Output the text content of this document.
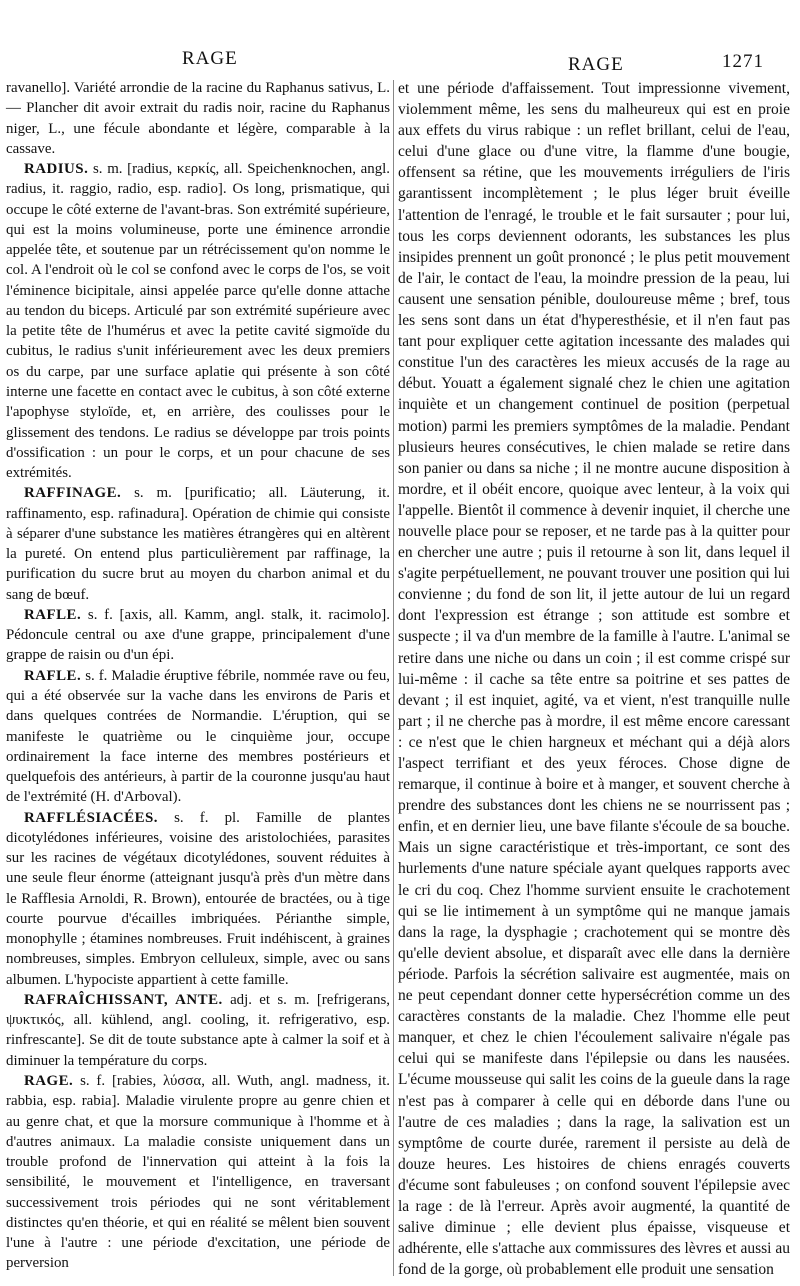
RAGE	RAGE	1271

ravanello]. Variété arrondie de la racine du Raphanus sativus, L. — Plancher dit avoir extrait du radis noir, racine du Raphanus niger, L., une fécule abondante et légère, comparable à la cassave.

RADIUS. s. m. [radius, κερκίς, all. Speichenknochen, angl. radius, it. raggio, radio, esp. radio]. Os long, prismatique, qui occupe le côté externe de l'avant-bras. Son extrémité supérieure, qui est la moins volumineuse, porte une éminence arrondie appelée tête, et soutenue par un rétrécissement qu'on nomme le col. A l'endroit où le col se confond avec le corps de l'os, se voit l'éminence bicipitale, ainsi appelée parce qu'elle donne attache au tendon du biceps. Articulé par son extrémité supérieure avec la petite tête de l'humérus et avec la petite cavité sigmoïde du cubitus, le radius s'unit inférieurement avec les deux premiers os du carpe, par une surface aplatie qui présente à son côté interne une facette en contact avec le cubitus, à son côté externe l'apophyse styloïde, et, en arrière, des coulisses pour le glissement des tendons. Le radius se développe par trois points d'ossification : un pour le corps, et un pour chacune de ses extrémités.

RAFFINAGE. s. m. [purificatio; all. Läuterung, it. raffinamento, esp. rafinadura]. Opération de chimie qui consiste à séparer d'une substance les matières étrangères qui en altèrent la pureté. On entend plus particulièrement par raffinage, la purification du sucre brut au moyen du charbon animal et du sang de bœuf.

RAFLE. s. f. [axis, all. Kamm, angl. stalk, it. racimolo]. Pédoncule central ou axe d'une grappe, principalement d'une grappe de raisin ou d'un épi.

RAFLE. s. f. Maladie éruptive fébrile, nommée rave ou feu, qui a été observée sur la vache dans les environs de Paris et dans quelques contrées de Normandie. L'éruption, qui se manifeste le quatrième ou le cinquième jour, occupe ordinairement la face interne des membres postérieurs et quelquefois des antérieurs, à partir de la couronne jusqu'au haut de l'extrémité (H. d'Arboval).

RAFFLÉSIACÉES. s. f. pl. Famille de plantes dicotylédones inférieures, voisine des aristolochiées, parasites sur les racines de végétaux dicotylédones, souvent réduites à une seule fleur énorme (atteignant jusqu'à près d'un mètre dans le Rafflesia Arnoldi, R. Brown), entourée de bractées, ou à tige courte pourvue d'écailles imbriquées. Périanthe simple, monophylle ; étamines nombreuses. Fruit indéhiscent, à graines nombreuses, simples. Embryon celluleux, simple, avec ou sans albumen. L'hypociste appartient à cette famille.

RAFRAÎCHISSANT, ANTE. adj. et s. m. [refrigerans, ψυκτικός, all. kühlend, angl. cooling, it. refrigerativo, esp. rinfrescante]. Se dit de toute substance apte à calmer la soif et à diminuer la température du corps.

RAGE. s. f. [rabies, λύσσα, all. Wuth, angl. madness, it. rabbia, esp. rabia]. Maladie virulente propre au genre chien et au genre chat, et que la morsure communique à l'homme et à d'autres animaux. La maladie consiste uniquement dans un trouble profond de l'innervation qui atteint à la fois la sensibilité, le mouvement et l'intelligence, en traversant successivement trois périodes qui ne sont véritablement distinctes qu'en théorie, et qui en réalité se mêlent bien souvent l'une à l'autre : une période d'excitation, une période de perversion

et une période d'affaissement. Tout impressionne vivement, violemment même, les sens du malheureux qui est en proie aux effets du virus rabique : un reflet brillant, celui de l'eau, celui d'une glace ou d'une vitre, la flamme d'une bougie, offensent sa rétine, que les mouvements irréguliers de l'iris garantissent incomplètement ; le plus léger bruit éveille l'attention de l'enragé, le trouble et le fait sursauter ; pour lui, tous les corps deviennent odorants, les substances les plus insipides prennent un goût prononcé ; le plus petit mouvement de l'air, le contact de l'eau, la moindre pression de la peau, lui causent une sensation pénible, douloureuse même ; bref, tous les sens sont dans un état d'hyperesthésie, et il n'en faut pas tant pour expliquer cette agitation incessante des malades qui constitue l'un des caractères les mieux accusés de la rage au début. Youatt a également signalé chez le chien une agitation inquiète et un changement continuel de position (perpetual motion) parmi les premiers symptômes de la maladie. Pendant plusieurs heures consécutives, le chien malade se retire dans son panier ou dans sa niche ; il ne montre aucune disposition à mordre, et il obéit encore, quoique avec lenteur, à la voix qui l'appelle. Bientôt il commence à devenir inquiet, il cherche une nouvelle place pour se reposer, et ne tarde pas à la quitter pour en chercher une autre ; puis il retourne à son lit, dans lequel il s'agite perpétuellement, ne pouvant trouver une position qui lui convienne ; du fond de son lit, il jette autour de lui un regard dont l'expression est étrange ; son attitude est sombre et suspecte ; il va d'un membre de la famille à l'autre. L'animal se retire dans une niche ou dans un coin ; il est comme crispé sur lui-même : il cache sa tête entre sa poitrine et ses pattes de devant ; il est inquiet, agité, va et vient, n'est tranquille nulle part ; il ne cherche pas à mordre, il est même encore caressant : ce n'est que le chien hargneux et méchant qui a déjà alors l'aspect terrifiant et des yeux féroces. Chose digne de remarque, il continue à boire et à manger, et souvent cherche à prendre des substances dont les chiens ne se nourrissent pas ; enfin, et en dernier lieu, une bave filante s'écoule de sa bouche. Mais un signe caractéristique et très-important, ce sont des hurlements d'une nature spéciale ayant quelques rapports avec le cri du coq. Chez l'homme survient ensuite le crachotement qui se lie intimement à un symptôme qui ne manque jamais dans la rage, la dysphagie ; crachotement qui se montre dès qu'elle devient absolue, et disparaît avec elle dans la dernière période. Parfois la sécrétion salivaire est augmentée, mais on ne peut cependant donner cette hypersécrétion comme un des caractères constants de la maladie. Chez l'homme elle peut manquer, et chez le chien l'écoulement salivaire n'égale pas celui qui se manifeste dans l'épilepsie ou dans les nausées. L'écume mousseuse qui salit les coins de la gueule dans la rage n'est pas à comparer à celle qui en déborde dans l'une ou l'autre de ces maladies ; dans la rage, la salivation est un symptôme de courte durée, rarement il persiste au delà de douze heures. Les histoires de chiens enragés couverts d'écume sont fabuleuses ; on confond souvent l'épilepsie avec la rage : de là l'erreur. Après avoir augmenté, la quantité de salive diminue ; elle devient plus épaisse, visqueuse et adhérente, elle s'attache aux commissures des lèvres et aussi au fond de la gorge, où probablement elle produit une sensation
